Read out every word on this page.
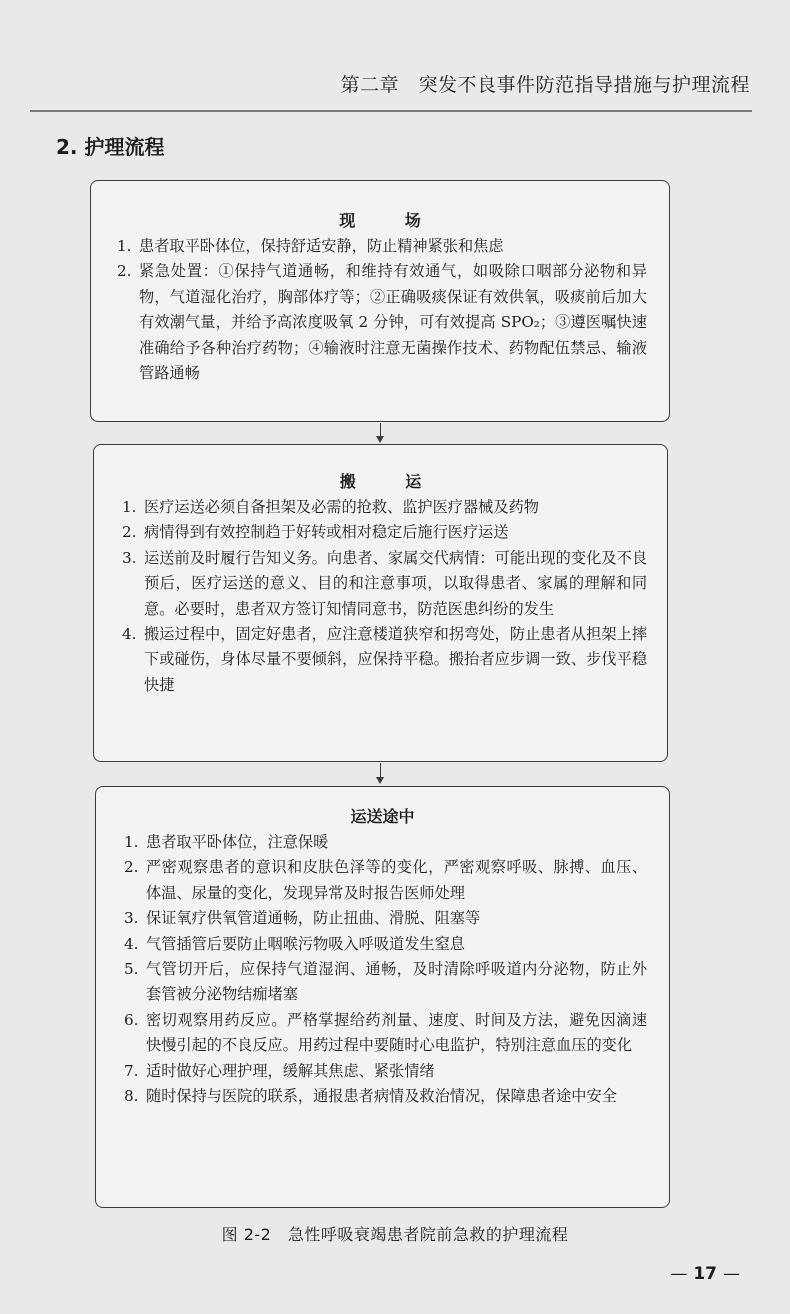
第二章　突发不良事件防范指导措施与护理流程
2. 护理流程
现 场
1. 患者取平卧体位，保持舒适安静，防止精神紧张和焦虑
2. 紧急处置：①保持气道通畅，和维持有效通气，如吸除口咽部分泌物和异物，气道湿化治疗，胸部体疗等；②正确吸痰保证有效供氧，吸痰前后加大有效潮气量，并给予高浓度吸氧 2 分钟，可有效提高 SPO₂；③遵医嘱快速准确给予各种治疗药物；④输液时注意无菌操作技术、药物配伍禁忌、输液管路通畅
搬 运
1. 医疗运送必须自备担架及必需的抢救、监护医疗器械及药物
2. 病情得到有效控制趋于好转或相对稳定后施行医疗运送
3. 运送前及时履行告知义务。向患者、家属交代病情：可能出现的变化及不良预后，医疗运送的意义、目的和注意事项，以取得患者、家属的理解和同意。必要时，患者双方签订知情同意书，防范医患纠纷的发生
4. 搬运过程中，固定好患者，应注意楼道狭窄和拐弯处，防止患者从担架上摔下或碰伤，身体尽量不要倾斜，应保持平稳。搬抬者应步调一致、步伐平稳快捷
运送途中
1. 患者取平卧体位，注意保暖
2. 严密观察患者的意识和皮肤色泽等的变化，严密观察呼吸、脉搏、血压、体温、尿量的变化，发现异常及时报告医师处理
3. 保证氧疗供氧管道通畅，防止扭曲、滑脱、阻塞等
4. 气管插管后要防止咽喉污物吸入呼吸道发生窒息
5. 气管切开后，应保持气道湿润、通畅，及时清除呼吸道内分泌物，防止外套管被分泌物结痂堵塞
6. 密切观察用药反应。严格掌握给药剂量、速度、时间及方法，避免因滴速快慢引起的不良反应。用药过程中要随时心电监护，特别注意血压的变化
7. 适时做好心理护理，缓解其焦虑、紧张情绪
8. 随时保持与医院的联系，通报患者病情及救治情况，保障患者途中安全
图 2-2　急性呼吸衰竭患者院前急救的护理流程
— 17 —
